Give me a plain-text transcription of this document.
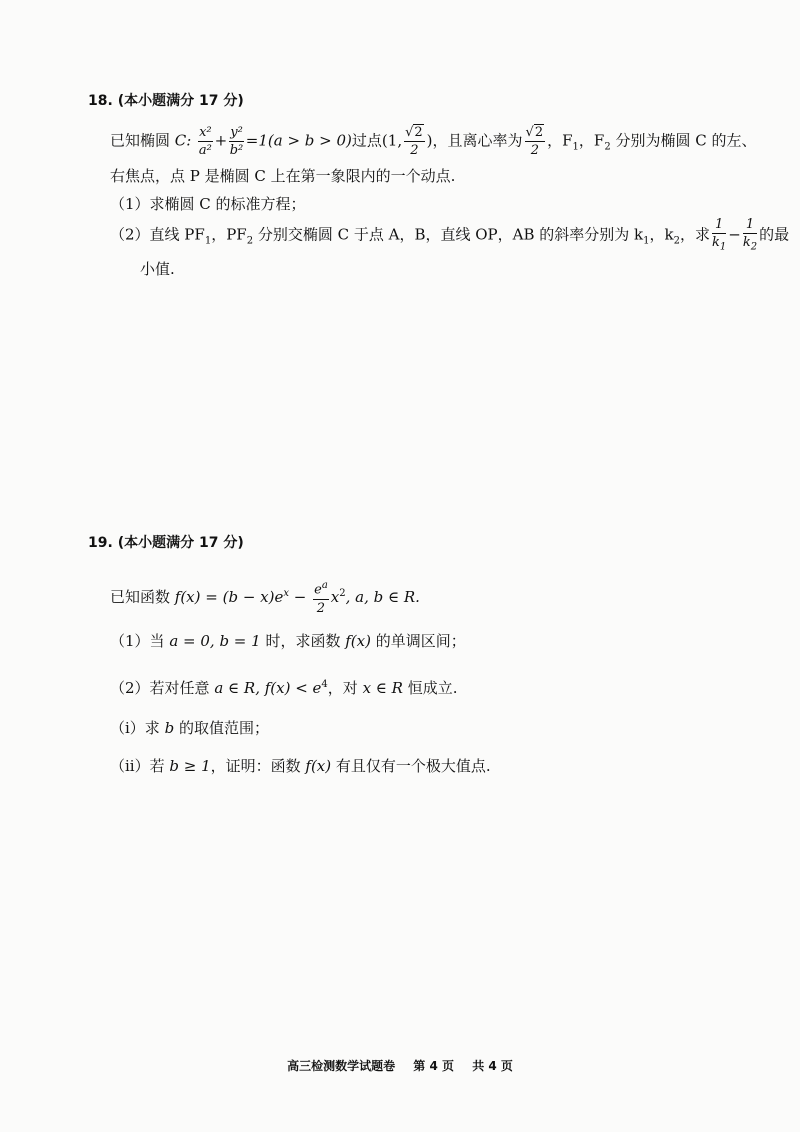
18. (本小题满分 17 分)
已知椭圆 C: $\frac{\text{x²}}{\text{a²}} + \frac{\text{y²}}{\text{b²}} =1(a > b > 0)$过点(1, $\frac{√2}{2}$ )，且离心率为 $\frac{√2}{2}$ ，$F_1$，$F_2$ 分别为椭圆 C 的左、
右焦点，点 P 是椭圆 C 上在第一象限内的一个动点.
（1）求椭圆 C 的标准方程；
（2）直线 $PF_1$，$PF_2$ 分别交椭圆 C 于点 A，B，直线 OP，AB 的斜率分别为 $k_1$，$k_2$，求 $\frac{1}{k_1} - \frac{1}{k_2}$ 的最
小值.
19. (本小题满分 17 分)
已知函数 $f(x) = (b - x)e^x - \frac{e^a}{2} x^2$, a, b ∈ R.
（1）当 a = 0, b = 1 时，求函数 f(x) 的单调区间；
（2）若对任意 a ∈ R, $f(x) < e^4$，对 x ∈ R 恒成立.
（i）求 b 的取值范围；
（ii）若 b ≥ 1，证明：函数 f(x) 有且仅有一个极大值点.
高三检测数学试题卷 第 4 页 共 4 页
